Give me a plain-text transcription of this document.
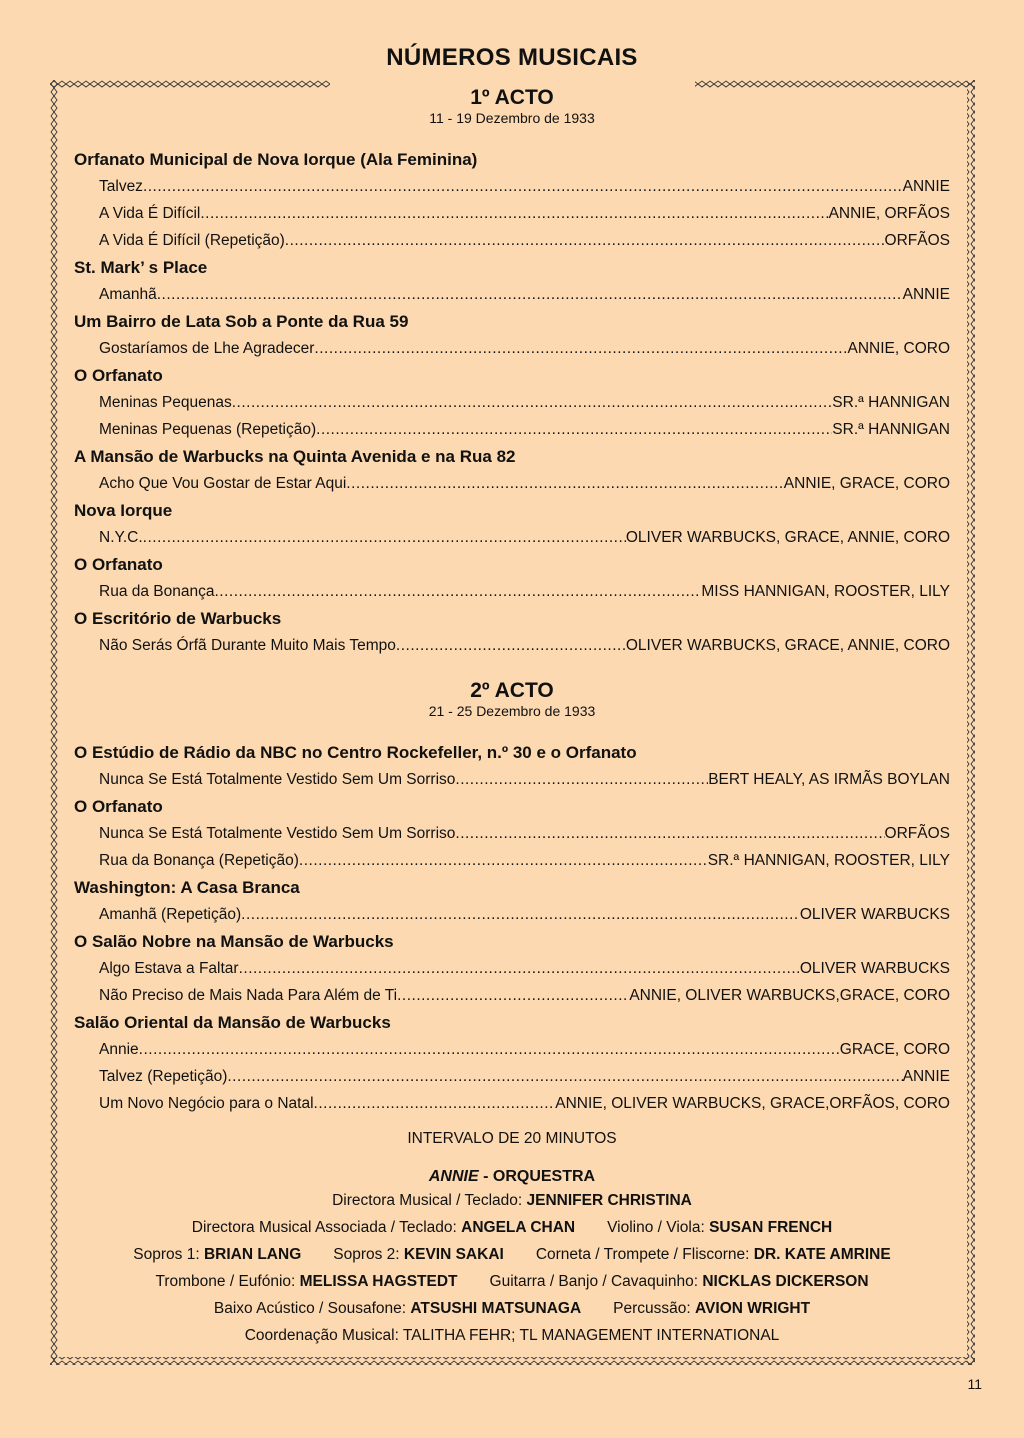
NÚMEROS MUSICAIS
1º ACTO
11 - 19 Dezembro de 1933
Orfanato Municipal de Nova Iorque (Ala Feminina)
Talvez .....	ANNIE
A Vida É Difícil .....	ANNIE, ORFÃOS
A Vida É Difícil (Repetição) .....	ORFÃOS
St. Mark’ s Place
Amanhã .....	ANNIE
Um Bairro de Lata Sob a Ponte da Rua 59
Gostaríamos de Lhe Agradecer .....	ANNIE, CORO
O Orfanato
Meninas Pequenas .....	SR.ª HANNIGAN
Meninas Pequenas (Repetição) .....	SR.ª HANNIGAN
A Mansão de Warbucks na Quinta Avenida e na Rua 82
Acho Que Vou Gostar de Estar Aqui .....	ANNIE, GRACE, CORO
Nova Iorque
N.Y.C. .....	OLIVER WARBUCKS, GRACE, ANNIE, CORO
O Orfanato
Rua da Bonança .....	MISS HANNIGAN, ROOSTER, LILY
O Escritório de Warbucks
Não Serás Órfã Durante Muito Mais Tempo .....	OLIVER WARBUCKS, GRACE, ANNIE, CORO
2º ACTO
21 - 25 Dezembro de 1933
O Estúdio de Rádio da NBC no Centro Rockefeller, n.º 30 e o Orfanato
Nunca Se Está Totalmente Vestido Sem Um Sorriso .....	BERT HEALY, AS IRMÃS BOYLAN
O Orfanato
Nunca Se Está Totalmente Vestido Sem Um Sorriso .....	ORFÃOS
Rua da Bonança (Repetição) .....	SR.ª HANNIGAN, ROOSTER, LILY
Washington: A Casa Branca
Amanhã (Repetição) .....	OLIVER WARBUCKS
O Salão Nobre na Mansão de Warbucks
Algo Estava a Faltar .....	OLIVER WARBUCKS
Não Preciso de Mais Nada Para Além de Ti .....	ANNIE, OLIVER WARBUCKS,GRACE, CORO
Salão Oriental da Mansão de Warbucks
Annie .....	GRACE, CORO
Talvez (Repetição) .....	ANNIE
Um Novo Negócio para o Natal .....	ANNIE, OLIVER WARBUCKS, GRACE,ORFÃOS, CORO
INTERVALO DE 20 MINUTOS
ANNIE - ORQUESTRA
Directora Musical / Teclado: JENNIFER CHRISTINA
Directora Musical Associada / Teclado: ANGELA CHAN Violino / Viola: SUSAN FRENCH
Sopros 1: BRIAN LANG Sopros 2: KEVIN SAKAI Corneta / Trompete / Fliscorne: DR. KATE AMRINE
Trombone / Eufónio: MELISSA HAGSTEDT Guitarra / Banjo / Cavaquinho: NICKLAS DICKERSON
Baixo Acústico / Sousafone: ATSUSHI MATSUNAGA Percussão: AVION WRIGHT
Coordenação Musical: TALITHA FEHR; TL MANAGEMENT INTERNATIONAL
11
